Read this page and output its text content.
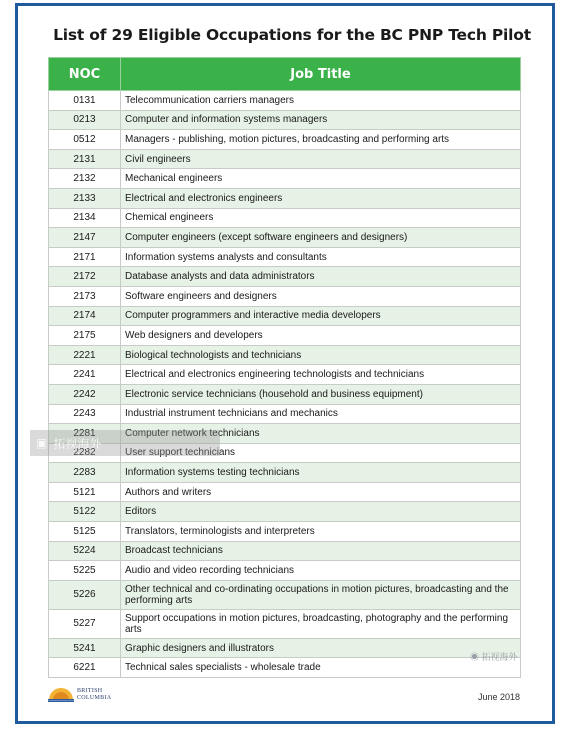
List of 29 Eligible Occupations for the BC PNP Tech Pilot
NOC	Job Title
0131	Telecommunication carriers managers
0213	Computer and information systems managers
0512	Managers - publishing, motion pictures, broadcasting and performing arts
2131	Civil engineers
2132	Mechanical engineers
2133	Electrical and electronics engineers
2134	Chemical engineers
2147	Computer engineers (except software engineers and designers)
2171	Information systems analysts and consultants
2172	Database analysts and data administrators
2173	Software engineers and designers
2174	Computer programmers and interactive media developers
2175	Web designers and developers
2221	Biological technologists and technicians
2241	Electrical and electronics engineering technologists and technicians
2242	Electronic service technicians (household and business equipment)
2243	Industrial instrument technicians and mechanics
2281	Computer network technicians
2282	User support technicians
2283	Information systems testing technicians
5121	Authors and writers
5122	Editors
5125	Translators, terminologists and interpreters
5224	Broadcast technicians
5225	Audio and video recording technicians
5226	Other technical and co-ordinating occupations in motion pictures, broadcasting and the performing arts
5227	Support occupations in motion pictures, broadcasting, photography and the performing arts
5241	Graphic designers and illustrators
6221	Technical sales specialists - wholesale trade
▣ 拓视海外
◉ 拓视海外
BRITISH
COLUMBIA	June 2018
